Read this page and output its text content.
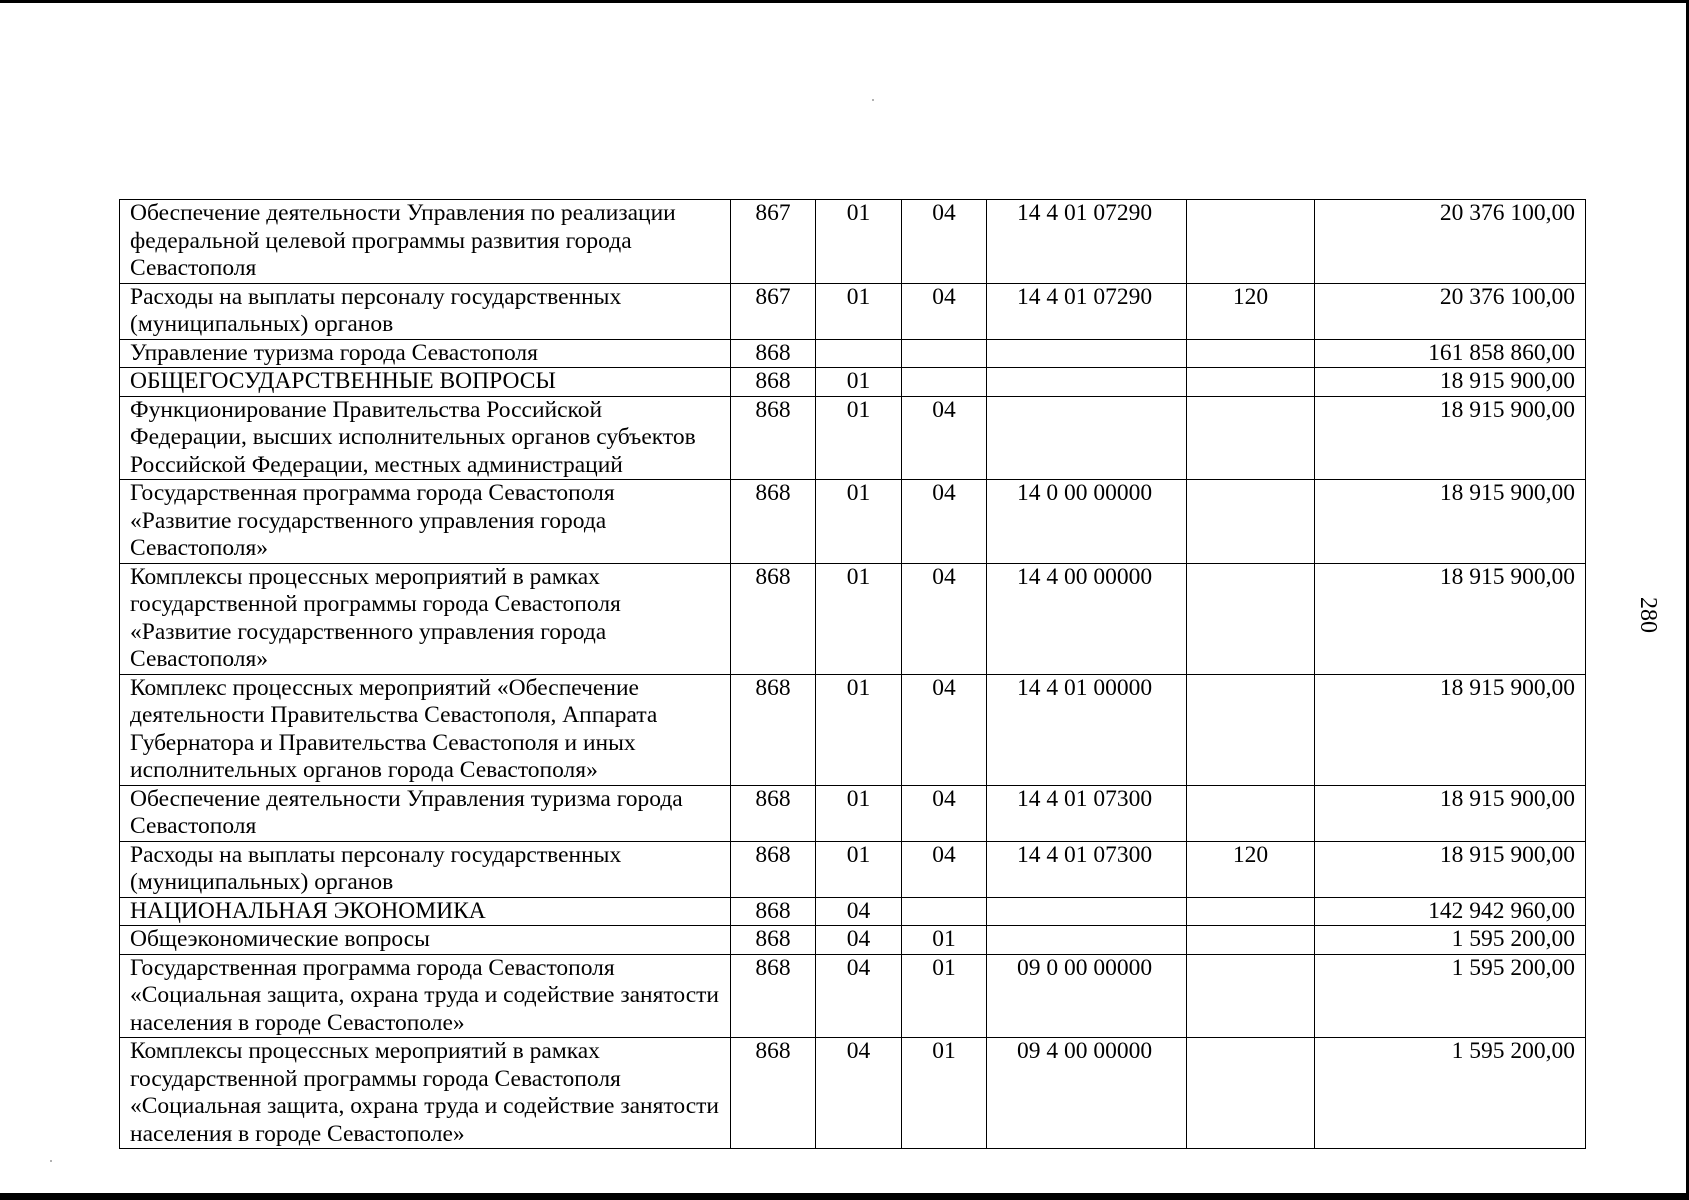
Обеспечение деятельности Управления по реализации федеральной целевой программы развития города Севастополя	867	01	04	14 4 01 07290		20 376 100,00
Расходы на выплаты персоналу государственных (муниципальных) органов	867	01	04	14 4 01 07290	120	20 376 100,00
Управление туризма города Севастополя	868					161 858 860,00
ОБЩЕГОСУДАРСТВЕННЫЕ ВОПРОСЫ	868	01				18 915 900,00
Функционирование Правительства Российской Федерации, высших исполнительных органов субъектов Российской Федерации, местных администраций	868	01	04			18 915 900,00
Государственная программа города Севастополя «Развитие государственного управления города Севастополя»	868	01	04	14 0 00 00000		18 915 900,00
Комплексы процессных мероприятий в рамках государственной программы города Севастополя «Развитие государственного управления города Севастополя»	868	01	04	14 4 00 00000		18 915 900,00
Комплекс процессных мероприятий «Обеспечение деятельности Правительства Севастополя, Аппарата Губернатора и Правительства Севастополя и иных исполнительных органов города Севастополя»	868	01	04	14 4 01 00000		18 915 900,00
Обеспечение деятельности Управления туризма города Севастополя	868	01	04	14 4 01 07300		18 915 900,00
Расходы на выплаты персоналу государственных (муниципальных) органов	868	01	04	14 4 01 07300	120	18 915 900,00
НАЦИОНАЛЬНАЯ ЭКОНОМИКА	868	04				142 942 960,00
Общеэкономические вопросы	868	04	01			1 595 200,00
Государственная программа города Севастополя «Социальная защита, охрана труда и содействие занятости населения в городе Севастополе»	868	04	01	09 0 00 00000		1 595 200,00
Комплексы процессных мероприятий в рамках государственной программы города Севастополя «Социальная защита, охрана труда и содействие занятости населения в городе Севастополе»	868	04	01	09 4 00 00000		1 595 200,00
280
